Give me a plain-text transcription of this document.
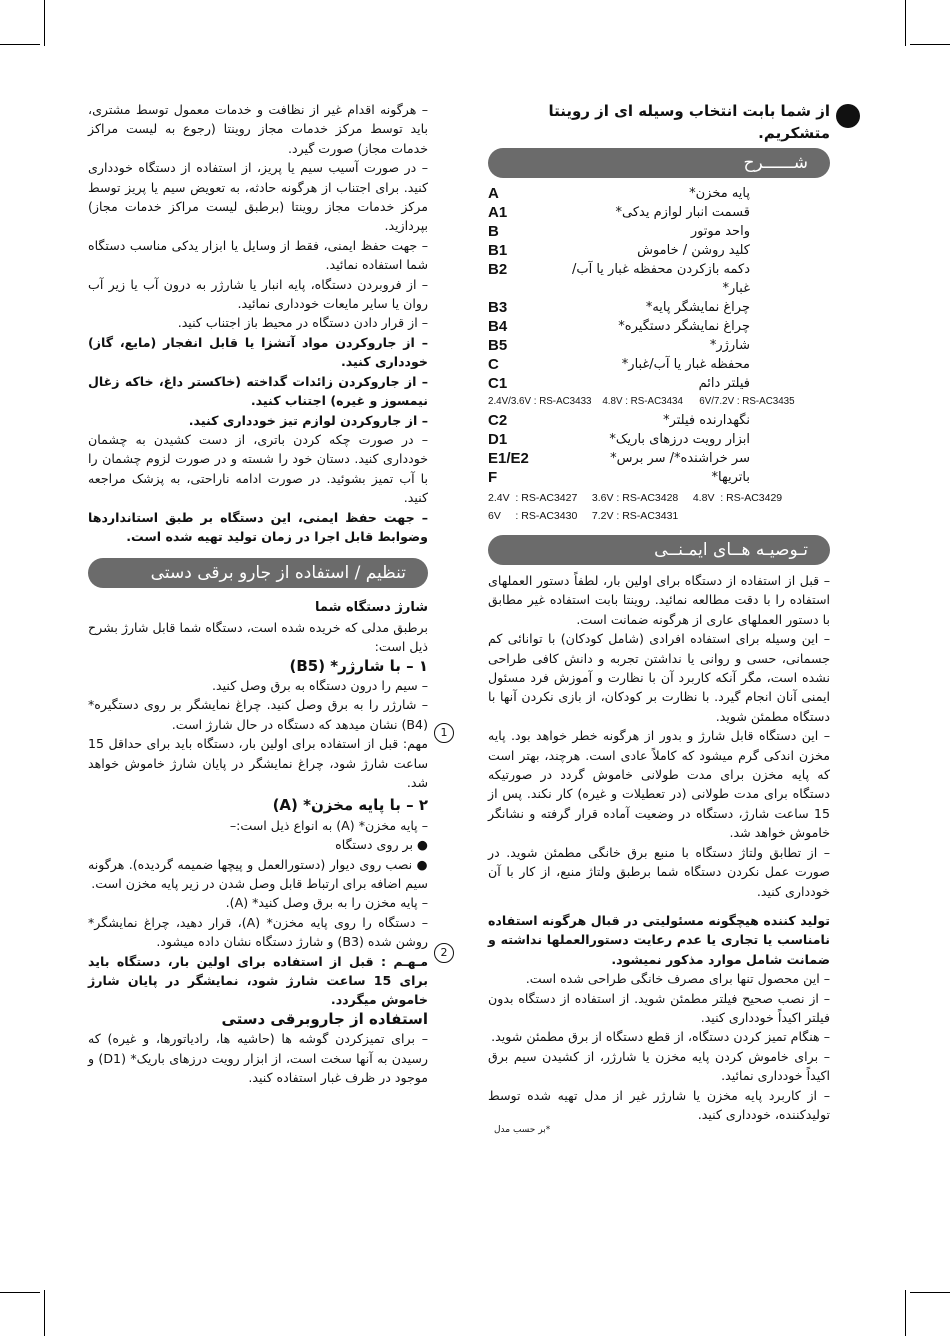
از شما بابت انتخاب وسیله ای از روینتا متشکریم.
شــــــرح
پایه مخزن*	A
قسمت انبار لوازم یدکی*	A1
واحد موتور	B
کلید روشن / خاموش	B1
دکمه بازکردن محفظه غبار یا آب/غبار*	B2
چراغ نمایشگر پایه*	B3
چراغ نمایشگر دستگیره*	B4
شارژر*	B5
محفظه غبار یا آب/غبار*	C
فیلتر دائم	C1
2.4V/3.6V : RS-AC3433    4.8V : RS-AC3434      6V/7.2V : RS-AC3435
نگهدارنده فیلتر*	C2
ابزار رویت درزهای باریک*	D1
سر خراشنده*/ سر برس*	E1/E2
باتریها*	F
2.4V  : RS-AC3427     3.6V : RS-AC3428     4.8V  : RS-AC3429
6V     : RS-AC3430     7.2V : RS-AC3431
تـوصیـه هــای ایمـنــی
– قبل از استفاده از دستگاه برای اولین بار، لطفاً دستور العملهای استفاده را با دقت مطالعه نمائید. روینتا بابت استفاده غیر مطابق با دستور العملهای عاری از هرگونه ضمانت است.
– این وسیله برای استفاده افرادی (شامل کودکان) با توانائی کم جسمانی، حسی و روانی یا نداشتن تجربه و دانش کافی طراحی نشده است، مگر آنکه کاربرد آن با نظارت و آموزش فرد مسئول ایمنی آنان انجام گیرد. با نظارت بر کودکان، از بازی نکردن آنها با دستگاه مطمئن شوید.
– این دستگاه قابل شارژ و بدور از هرگونه خطر خواهد بود. پایه مخزن اندکی گرم میشود که کاملاً عادی است. هرچند، بهتر است که پایه مخزن برای مدت طولانی خاموش گردد در صورتیکه دستگاه برای مدت طولانی (در تعطیلات و غیره) کار نکند. پس از 15 ساعت شارژ، دستگاه در وضعیت آماده قرار گرفته و نشانگر خاموش خواهد شد.
– از تطابق ولتاژ دستگاه با منبع برق خانگی مطمئن شوید. در صورت عمل نکردن دستگاه شما برطبق ولتاژ منبع، از کار با آن خودداری کنید.
تولید کننده هیچگونه مسئولیتی در قبال هرگونه استفاده نامناسب یا تجاری یا عدم رعایت دستورالعملها نداشته و ضمانت شامل موارد مذکور نمیشود.
– این محصول تنها برای مصرف خانگی طراحی شده است.
– از نصب صحیح فیلتر مطمئن شوید. از استفاده از دستگاه بدون فیلتر اکیداً خودداری کنید.
– هنگام تمیز کردن دستگاه، از قطع دستگاه از برق مطمئن شوید.
– برای خاموش کردن پایه مخزن یا شارژر، از کشیدن سیم برق اکیداً خودداری نمائید.
– از کاربرد پایه مخزن یا شارژر غیر از مدل تهیه شده توسط تولیدکننده، خودداری کنید.
*بر حسب مدل
– هرگونه اقدام غیر از نظافت و خدمات معمول توسط مشتری، باید توسط مرکز خدمات مجاز روینتا (رجوع به لیست مراکز خدمات مجاز) صورت گیرد.
– در صورت آسیب سیم یا پریز، از استفاده از دستگاه خودداری کنید. برای اجتناب از هرگونه حادثه، به تعویض سیم یا پریز توسط مرکز خدمات مجاز روینتا (برطبق لیست مراکز خدمات مجاز) بپردازید.
– جهت حفظ ایمنی، فقط از وسایل یا ابزار یدکی مناسب دستگاه شما استفاده نمائید.
– از فروبردن دستگاه، پایه انبار یا شارژر به درون آب یا زیر آب روان یا سایر مایعات خودداری نمائید.
– از قرار دادن دستگاه در محیط باز اجتناب کنید.
– از جاروکردن مواد آتشزا یا قابل انفجار (مایع، گاز) خودداری کنید.
– از جاروکردن زائدات گداخته (خاکستر داغ، خاکه زغال نیمسوز و غیره) اجتناب کنید.
– از جاروکردن لوازم تیز خودداری کنید.
– در صورت چکه کردن باتری، از دست کشیدن به چشمان خودداری کنید. دستان خود را شسته و در صورت لزوم چشمان را با آب تمیز بشوئید. در صورت ادامه ناراحتی، به پزشک مراجعه کنید.
– جهت حفظ ایمنی، این دستگاه بر طبق استانداردها وضوابط قابل اجرا در زمان تولید تهیه شده است.
تنظیم / استفاده از جارو برقی دستی
شارژ دستگاه شما
برطبق مدلی که خریده شده است، دستگاه شما قابل شارژ بشرح ذیل است:
۱ – با شارژر* (B5)
– سیم را درون دستگاه به برق وصل کنید.
– شارژر را به برق وصل کنید. چراغ نمایشگر بر روی دستگیره* (B4) نشان میدهد که دستگاه در حال شارژ است.
مهم: قبل از استفاده برای اولین بار، دستگاه باید برای حداقل 15 ساعت شارژ شود، چراغ نمایشگر در پایان شارژ خاموش خواهد شد.
۲ – با پایه مخزن* (A)
– پایه مخزن* (A) به انواع ذیل است:–
● بر روی دستگاه
● نصب روی دیوار (دستورالعمل و پیچها ضمیمه گردیده). هرگونه سیم اضافه برای ارتباط قابل وصل شدن در زیر پایه مخزن است.
– پایه مخزن را به برق وصل کنید* (A).
– دستگاه را روی پایه مخزن* (A)، قرار دهید، چراغ نمایشگر* روشن شده (B3) و شارژ دستگاه نشان داده میشود.
مـهـم : قبل از استفاده برای اولین بار، دستگاه باید برای 15 ساعت شارژ شود، نمایشگر در پایان شارژ خاموش میگردد.
استفاده از جاروبرقی دستی
– برای تمیزکردن گوشه ها (حاشیه ها، رادیاتورها، و غیره) که رسیدن به آنها سخت است، از ابزار رویت درزهای باریک* (D1) و موجود در ظرف غبار استفاده کنید.
1
2
